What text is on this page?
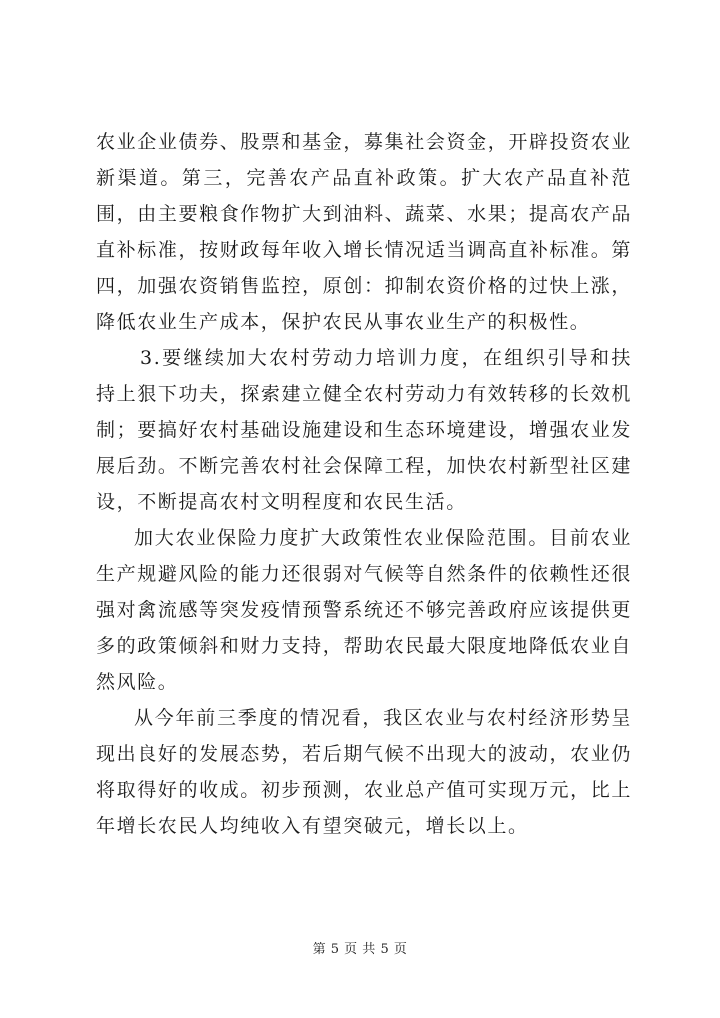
农业企业债券、股票和基金，募集社会资金，开辟投资农业新渠道。第三，完善农产品直补政策。扩大农产品直补范围，由主要粮食作物扩大到油料、蔬菜、水果；提高农产品直补标准，按财政每年收入增长情况适当调高直补标准。第四，加强农资销售监控，原创：抑制农资价格的过快上涨，降低农业生产成本，保护农民从事农业生产的积极性。

3.要继续加大农村劳动力培训力度，在组织引导和扶持上狠下功夫，探索建立健全农村劳动力有效转移的长效机制；要搞好农村基础设施建设和生态环境建设，增强农业发展后劲。不断完善农村社会保障工程，加快农村新型社区建设，不断提高农村文明程度和农民生活。

加大农业保险力度扩大政策性农业保险范围。目前农业生产规避风险的能力还很弱对气候等自然条件的依赖性还很强对禽流感等突发疫情预警系统还不够完善政府应该提供更多的政策倾斜和财力支持，帮助农民最大限度地降低农业自然风险。

从今年前三季度的情况看，我区农业与农村经济形势呈现出良好的发展态势，若后期气候不出现大的波动，农业仍将取得好的收成。初步预测，农业总产值可实现万元，比上年增长农民人均纯收入有望突破元，增长以上。

第 5 页 共 5 页
